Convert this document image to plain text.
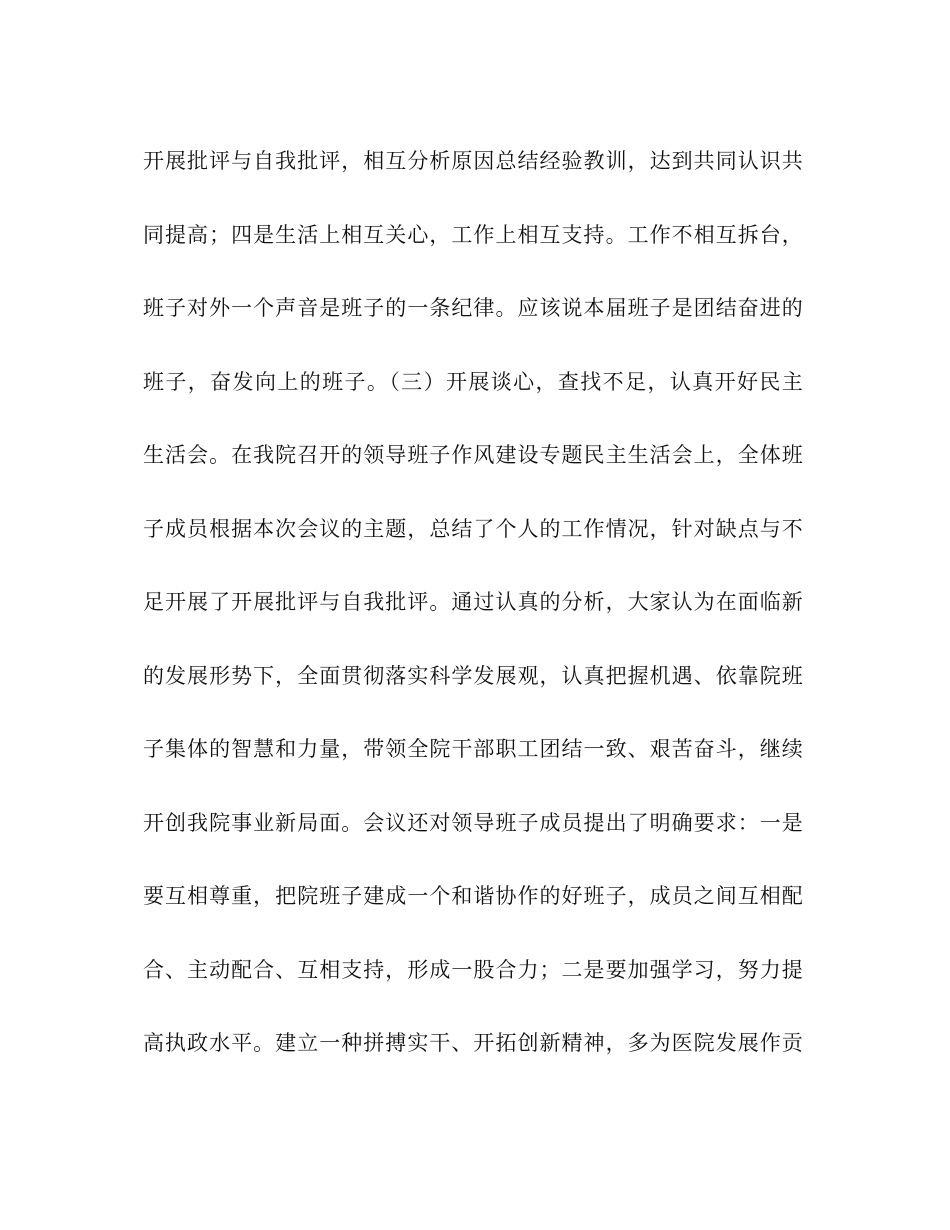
开展批评与自我批评，相互分析原因总结经验教训，达到共同认识共
同提高；四是生活上相互关心，工作上相互支持。工作不相互拆台，
班子对外一个声音是班子的一条纪律。应该说本届班子是团结奋进的
班子，奋发向上的班子。（三）开展谈心，查找不足，认真开好民主
生活会。在我院召开的领导班子作风建设专题民主生活会上，全体班
子成员根据本次会议的主题，总结了个人的工作情况，针对缺点与不
足开展了开展批评与自我批评。通过认真的分析，大家认为在面临新
的发展形势下，全面贯彻落实科学发展观，认真把握机遇、依靠院班
子集体的智慧和力量，带领全院干部职工团结一致、艰苦奋斗，继续
开创我院事业新局面。会议还对领导班子成员提出了明确要求：一是
要互相尊重，把院班子建成一个和谐协作的好班子，成员之间互相配
合、主动配合、互相支持，形成一股合力；二是要加强学习，努力提
高执政水平。建立一种拼搏实干、开拓创新精神，多为医院发展作贡
